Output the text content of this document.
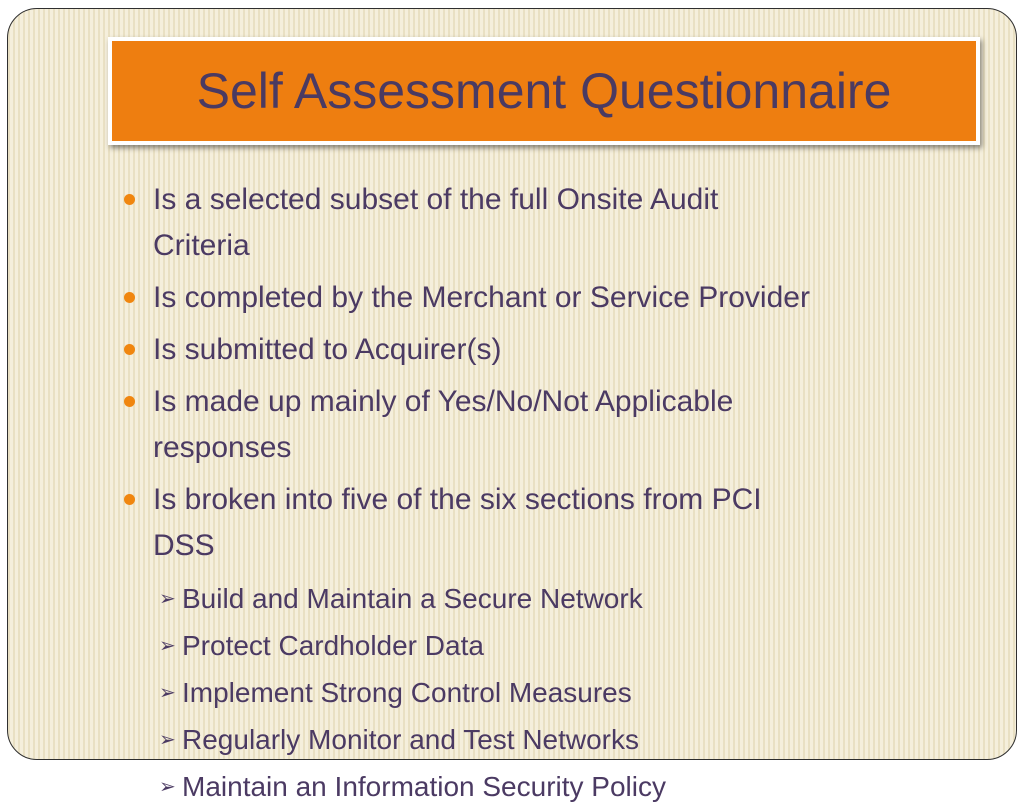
Self Assessment Questionnaire
Is a selected subset of the full Onsite Audit
Criteria
Is completed by the Merchant or Service Provider
Is submitted to Acquirer(s)
Is made up mainly of Yes/No/Not Applicable
responses
Is broken into five of the six sections from PCI
DSS
➢ Build and Maintain a Secure Network
➢ Protect Cardholder Data
➢ Implement Strong Control Measures
➢ Regularly Monitor and Test Networks
➢ Maintain an Information Security Policy
